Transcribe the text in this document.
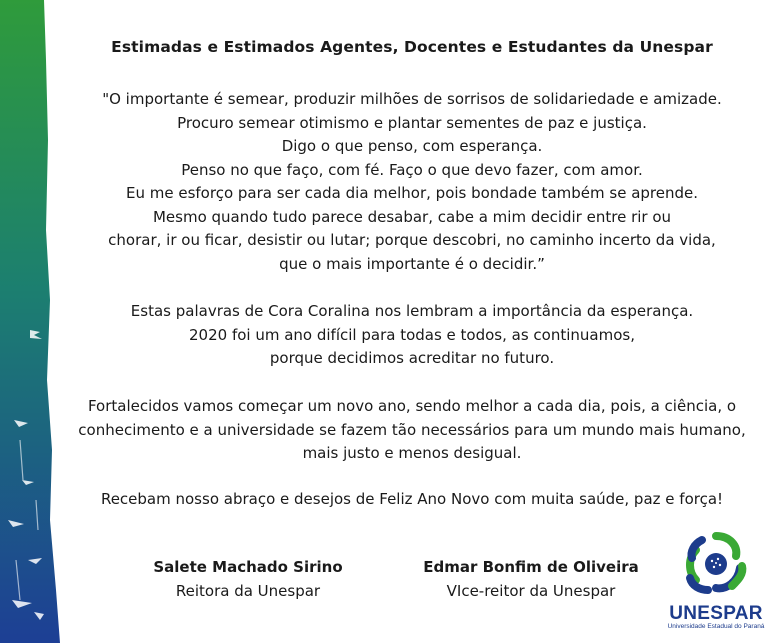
Estimadas e Estimados Agentes, Docentes e Estudantes da Unespar
"O importante é semear, produzir milhões de sorrisos de solidariedade e amizade.
Procuro semear otimismo e plantar sementes de paz e justiça.
Digo o que penso, com esperança.
Penso no que faço, com fé. Faço o que devo fazer, com amor.
Eu me esforço para ser cada dia melhor, pois bondade também se aprende.
Mesmo quando tudo parece desabar, cabe a mim decidir entre rir ou
chorar, ir ou ficar, desistir ou lutar; porque descobri, no caminho incerto da vida,
que o mais importante é o decidir.”
Estas palavras de Cora Coralina nos lembram a importância da esperança.
2020 foi um ano difícil para todas e todos, as continuamos,
porque decidimos acreditar no futuro.
Fortalecidos vamos começar um novo ano, sendo melhor a cada dia, pois, a ciência, o
conhecimento e a universidade se fazem tão necessários para um mundo mais humano,
mais justo e menos desigual.
Recebam nosso abraço e desejos de Feliz Ano Novo com muita saúde, paz e força!
Salete Machado Sirino
Reitora da Unespar
Edmar Bonfim de Oliveira
VIce-reitor da Unespar
UNESPAR
Universidade Estadual do Paraná
